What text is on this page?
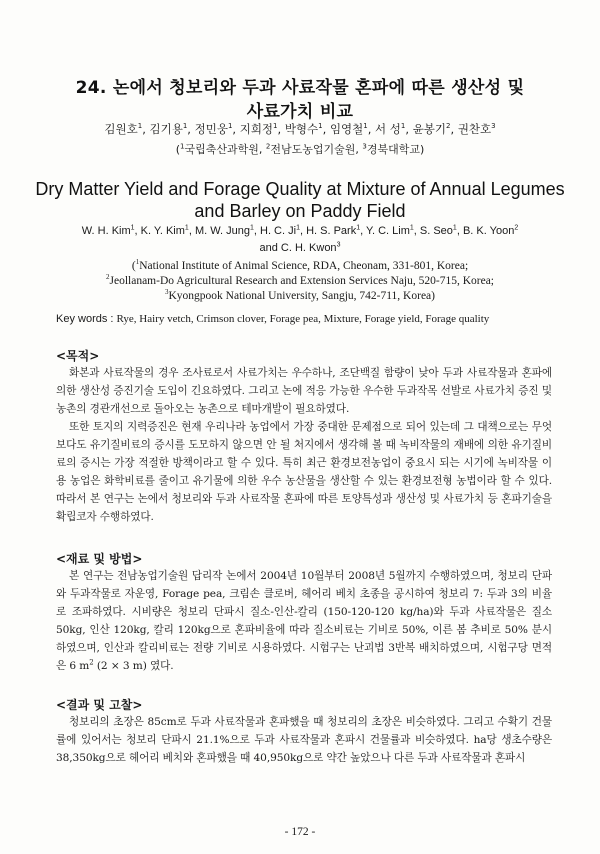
24. 논에서 청보리와 두과 사료작물 혼파에 따른 생산성 및
사료가치 비교
김원호$^1$, 김기용$^1$, 정민웅$^1$, 지희정$^1$, 박형수$^1$, 임영철$^1$, 서 성$^1$, 윤봉기$^2$, 권찬호$^3$
($^1$국립축산과학원, $^2$전남도농업기술원, $^3$경북대학교)
Dry Matter Yield and Forage Quality at Mixture of Annual Legumes
and Barley on Paddy Field
W. H. Kim$^1$, K. Y. Kim$^1$, M. W. Jung$^1$, H. C. Ji$^1$, H. S. Park$^1$, Y. C. Lim$^1$, S. Seo$^1$, B. K. Yoon$^2$
and C. H. Kwon$^3$
($^1$National Institute of Animal Science, RDA, Cheonam, 331-801, Korea;
$^2$Jeollanam-Do Agricultural Research and Extension Services Naju, 520-715, Korea;
$^3$Kyongpook National University, Sangju, 742-711, Korea)
Key words : Rye, Hairy vetch, Crimson clover, Forage pea, Mixture, Forage yield, Forage quality
<목적>
화본과 사료작물의 경우 조사료로서 사료가치는 우수하나, 조단백질 함량이 낮아 두과 사료작물과 혼파에 의한 생산성 증진기술 도입이 긴요하였다. 그리고 논에 적응 가능한 우수한 두과작목 선발로 사료가치 증진 및 농촌의 경관개선으로 돌아오는 농촌으로 테마개발이 필요하였다.
또한 토지의 지력증진은 현재 우리나라 농업에서 가장 중대한 문제점으로 되어 있는데 그 대책으로는 무엇보다도 유기질비료의 증시를 도모하지 않으면 안 될 처지에서 생각해 볼 때 녹비작물의 재배에 의한 유기질비료의 증시는 가장 적절한 방책이라고 할 수 있다. 특히 최근 환경보전농업이 중요시 되는 시기에 녹비작물 이용 농업은 화학비료를 줄이고 유기물에 의한 우수 농산물을 생산할 수 있는 환경보전형 농법이라 할 수 있다. 따라서 본 연구는 논에서 청보리와 두과 사료작물 혼파에 따른 토양특성과 생산성 및 사료가치 등 혼파기술을 확립코자 수행하였다.
<재료 및 방법>
본 연구는 전남농업기술원 답리작 논에서 2004년 10월부터 2008년 5월까지 수행하였으며, 청보리 단파와 두과작물로 자운영, Forage pea, 크림손 클로버, 헤어리 베치 초종을 공시하여 청보리 7: 두과 3의 비율로 조파하였다. 시비량은 청보리 단파시 질소-인산-칼리 (150-120-120 kg/ha)와 두과 사료작물은 질소 50kg, 인산 120kg, 칼리 120kg으로 혼파비율에 따라 질소비료는 기비로 50%, 이른 봄 추비로 50% 분시하였으며, 인산과 칼리비료는 전량 기비로 시용하였다. 시험구는 난괴법 3반복 배치하였으며, 시험구당 면적은 6 $m^2$ (2 × 3 m) 였다.
<결과 및 고찰>
청보리의 초장은 85cm로 두과 사료작물과 혼파했을 때 청보리의 초장은 비슷하였다. 그리고 수확기 건물률에 있어서는 청보리 단파시 21.1%으로 두과 사료작물과 혼파시 건물률과 비슷하였다. ha당 생초수량은 38,350kg으로 헤어리 베치와 혼파했을 때 40,950kg으로 약간 높았으나 다른 두과 사료작물과 혼파시
- 172 -
